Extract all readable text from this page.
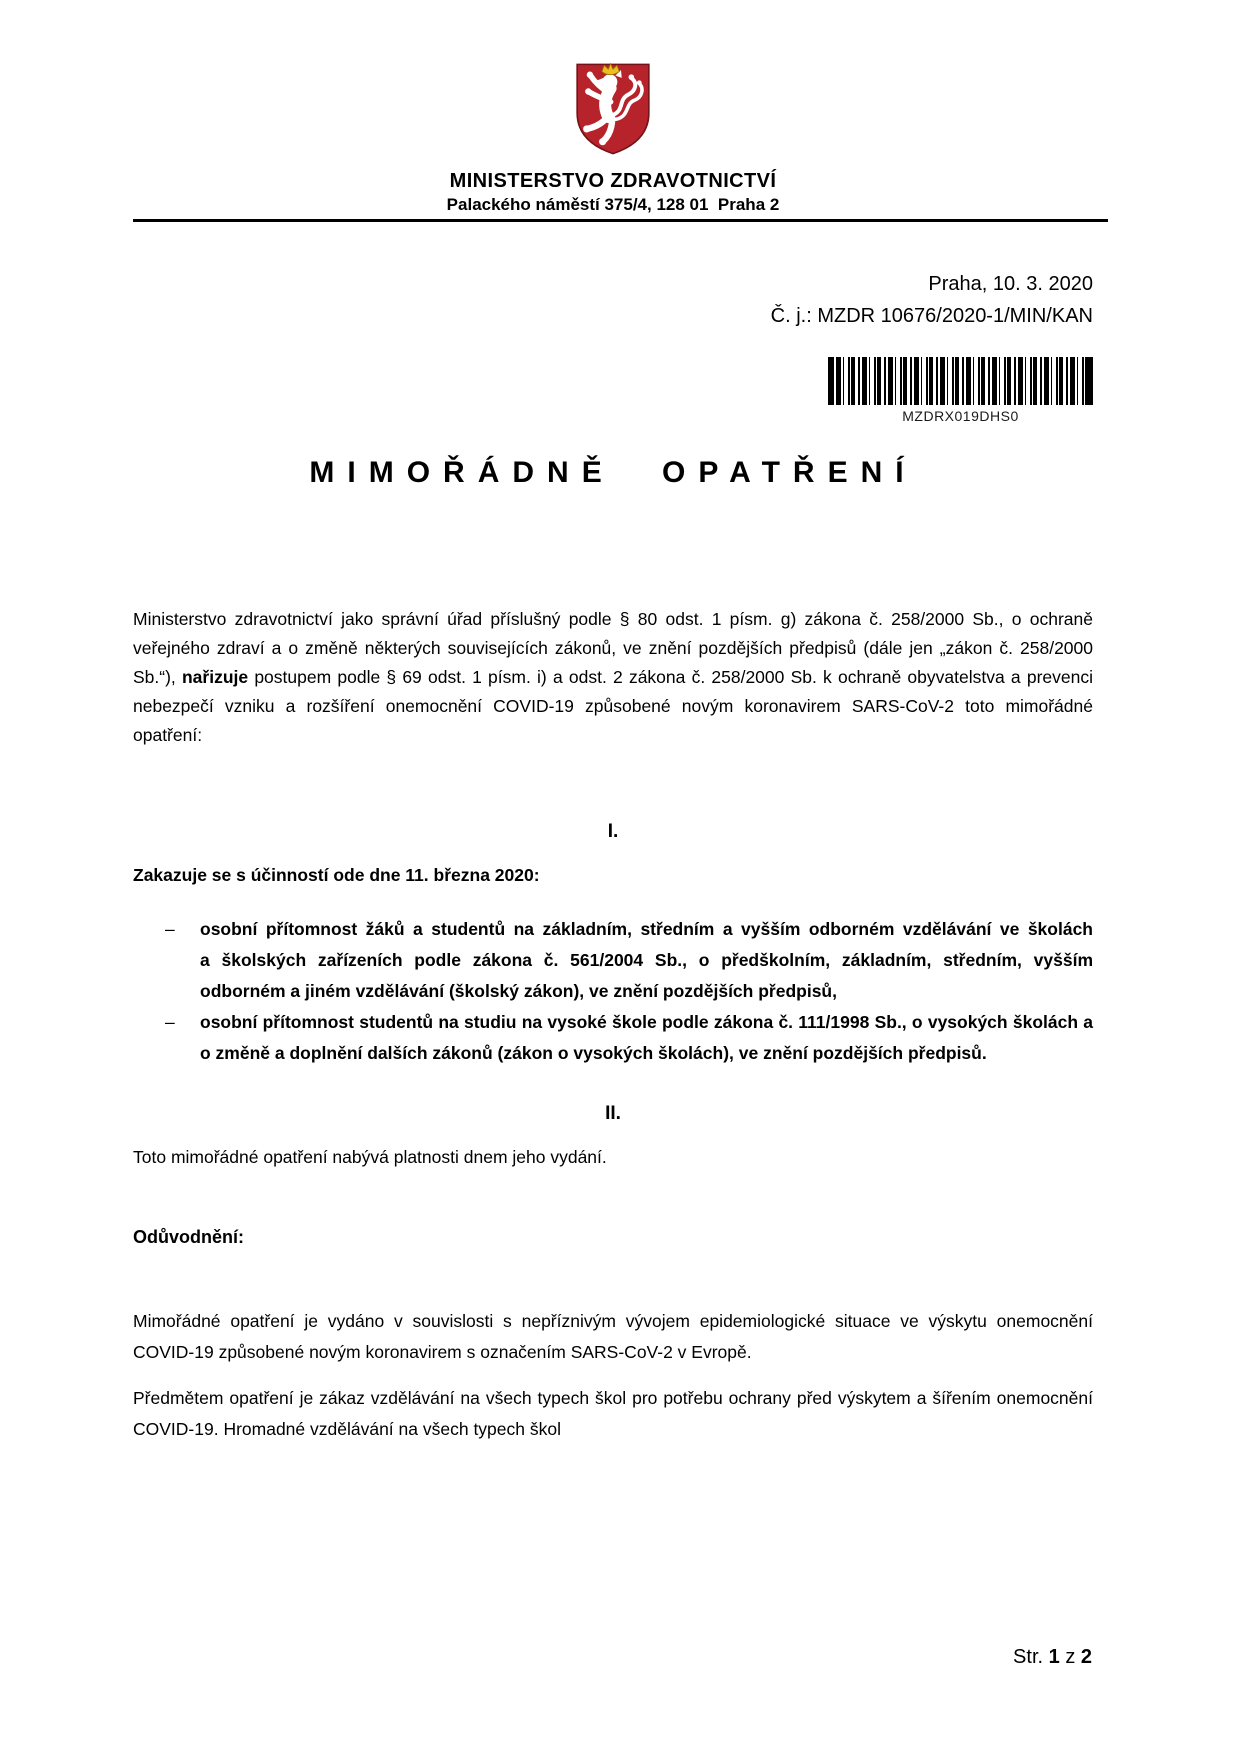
MINISTERSTVO ZDRAVOTNICTVÍ
Palackého náměstí 375/4, 128 01  Praha 2
Praha, 10. 3. 2020
Č. j.: MZDR 10676/2020-1/MIN/KAN
MZDRX019DHS0
MIMOŘÁDNĚ OPATŘENÍ

Ministerstvo zdravotnictví jako správní úřad příslušný podle § 80 odst. 1 písm. g) zákona č. 258/2000 Sb., o ochraně veřejného zdraví a o změně některých souvisejících zákonů, ve znění pozdějších předpisů (dále jen „zákon č. 258/2000 Sb.“), nařizuje postupem podle § 69 odst. 1 písm. i) a odst. 2 zákona č. 258/2000 Sb. k ochraně obyvatelstva a prevenci nebezpečí vzniku a rozšíření onemocnění COVID-19 způsobené novým koronavirem SARS-CoV-2 toto mimořádné opatření:

I.
Zakazuje se s účinností ode dne 11. března 2020:
– osobní přítomnost žáků a studentů na základním, středním a vyšším odborném vzdělávání ve školách a školských zařízeních podle zákona č. 561/2004 Sb., o předškolním, základním, středním, vyšším odborném a jiném vzdělávání (školský zákon), ve znění pozdějších předpisů,
– osobní přítomnost studentů na studiu na vysoké škole podle zákona č. 111/1998 Sb., o vysokých školách a o změně a doplnění dalších zákonů (zákon o vysokých školách), ve znění pozdějších předpisů.
II.

Toto mimořádné opatření nabývá platnosti dnem jeho vydání.

Odůvodnění:

Mimořádné opatření je vydáno v souvislosti s nepříznivým vývojem epidemiologické situace ve výskytu onemocnění COVID-19 způsobené novým koronavirem s označením SARS-CoV-2 v Evropě.

Předmětem opatření je zákaz vzdělávání na všech typech škol pro potřebu ochrany před výskytem a šířením onemocnění COVID-19. Hromadné vzdělávání na všech typech škol

Str. 1 z 2
